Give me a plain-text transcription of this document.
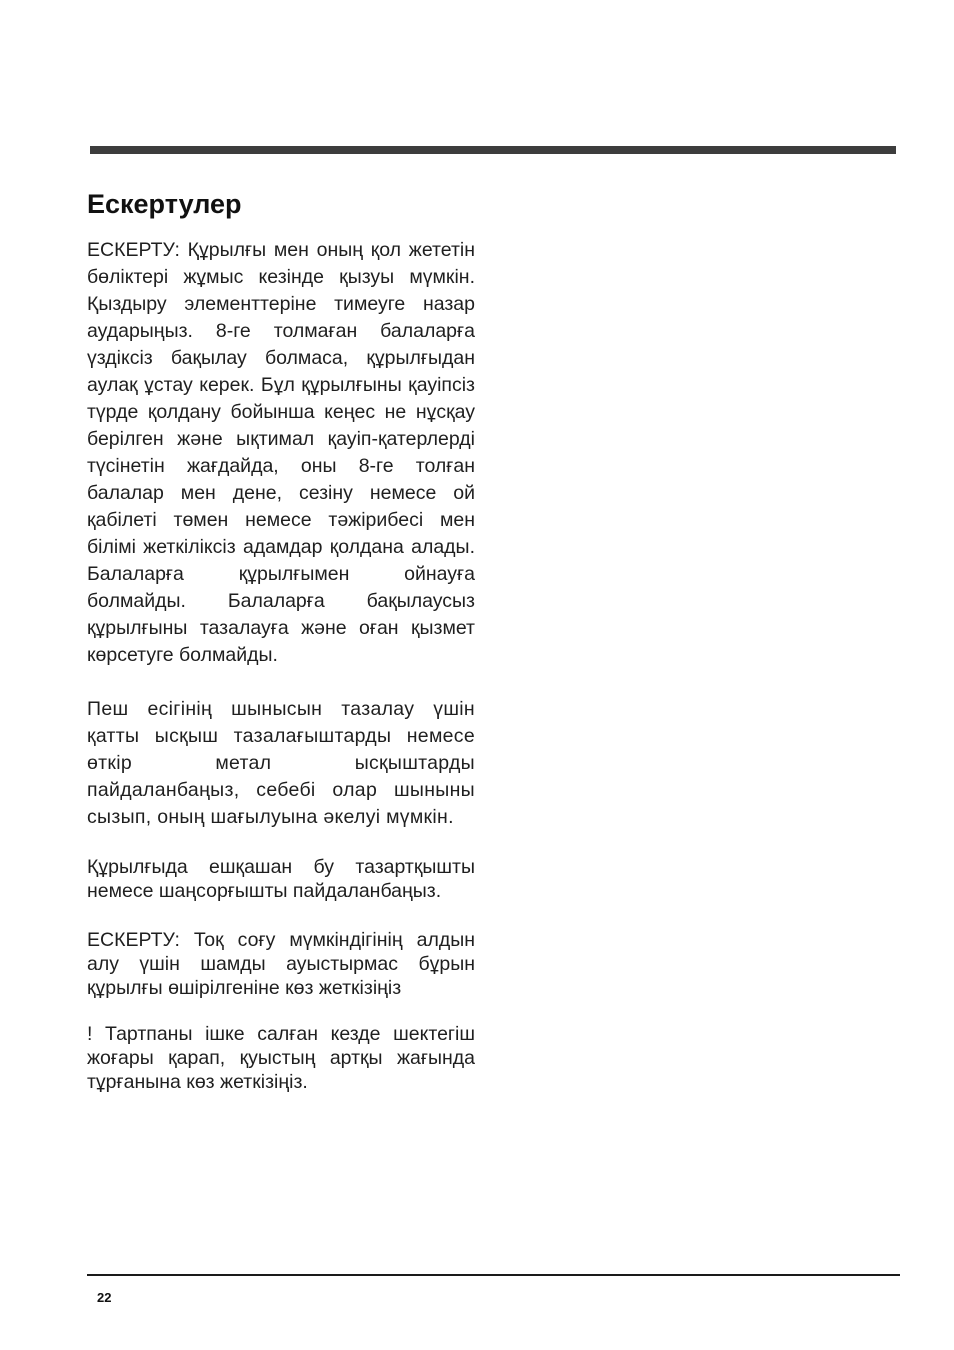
Ескертулер

ЕСКЕРТУ: Құрылғы мен оның қол жететін бөліктері жұмыс кезінде қызуы мүмкін. Қыздыру элементтеріне тимеуге назар аударыңыз. 8-ге толмаған балаларға үздіксіз бақылау болмаса, құрылғыдан аулақ ұстау керек. Бұл құрылғыны қауіпсіз түрде қолдану бойынша кеңес не нұсқау берілген және ықтимал қауіп-қатерлерді түсінетін жағдайда, оны 8-ге толған балалар мен дене, сезіну немесе ой қабілеті төмен немесе тәжірибесі мен білімі жеткіліксіз адамдар қолдана алады. Балаларға құрылғымен ойнауға болмайды. Балаларға бақылаусыз құрылғыны тазалауға және оған қызмет көрсетуге болмайды.

Пеш есігінің шынысын тазалау үшін қатты ысқыш тазалағыштарды немесе өткір метал ысқыштарды пайдаланбаңыз, себебі олар шыныны сызып, оның шағылуына әкелуі мүмкін.

Құрылғыда ешқашан бу тазартқышты немесе шаңсорғышты пайдаланбаңыз.

ЕСКЕРТУ: Тоқ соғу мүмкіндігінің алдын алу үшін шамды ауыстырмас бұрын құрылғы өшірілгеніне көз жеткізіңіз

! Тартпаны ішке салған кезде шектегіш жоғары қарап, қуыстың артқы жағында тұрғанына көз жеткізіңіз.

22
